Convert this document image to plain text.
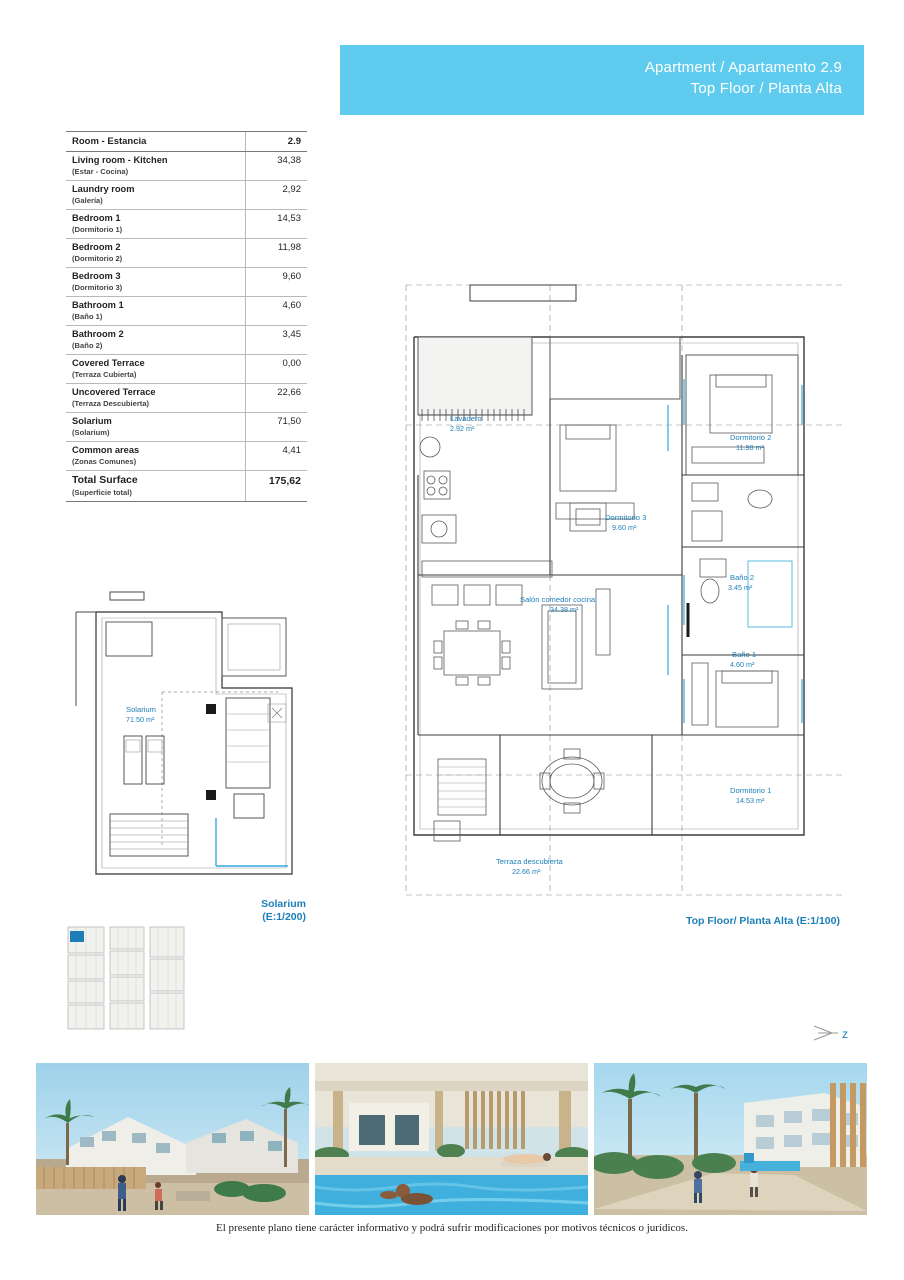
Apartment / Apartamento 2.9
Top Floor / Planta Alta
Room - Estancia	2.9

Living room - Kitchen
(Estar - Cocina)	34,38

Laundry room
(Galería)	2,92

Bedroom 1
(Dormitorio 1)	14,53

Bedroom 2
(Dormitorio 2)	11,98

Bedroom 3
(Dormitorio 3)	9,60

Bathroom 1
(Baño 1)	4,60

Bathroom 2
(Baño 2)	3,45

Covered Terrace
(Terraza Cubierta)	0,00

Uncovered Terrace
(Terraza Descubierta)	22,66

Solarium
(Solarium)	71,50

Common areas
(Zonas Comunes)	4,41

Total Surface
(Superficie total)	175,62
Solarium
71.50 m²
Solarium
(E:1/200)
Lavadero
2.92 m²
Dormitorio 3
9.60 m²
Dormitorio 2
11.98 m²
Baño 2
3.45 m²
Baño 1
4.60 m²
Salón comedor cocina
34.38 m²
Dormitorio 1
14.53 m²
Terraza descubierta
22.66 m²
Top Floor/ Planta Alta (E:1/100)
z
El presente plano tiene carácter informativo y podrá sufrir modificaciones por motivos técnicos o jurídicos.
